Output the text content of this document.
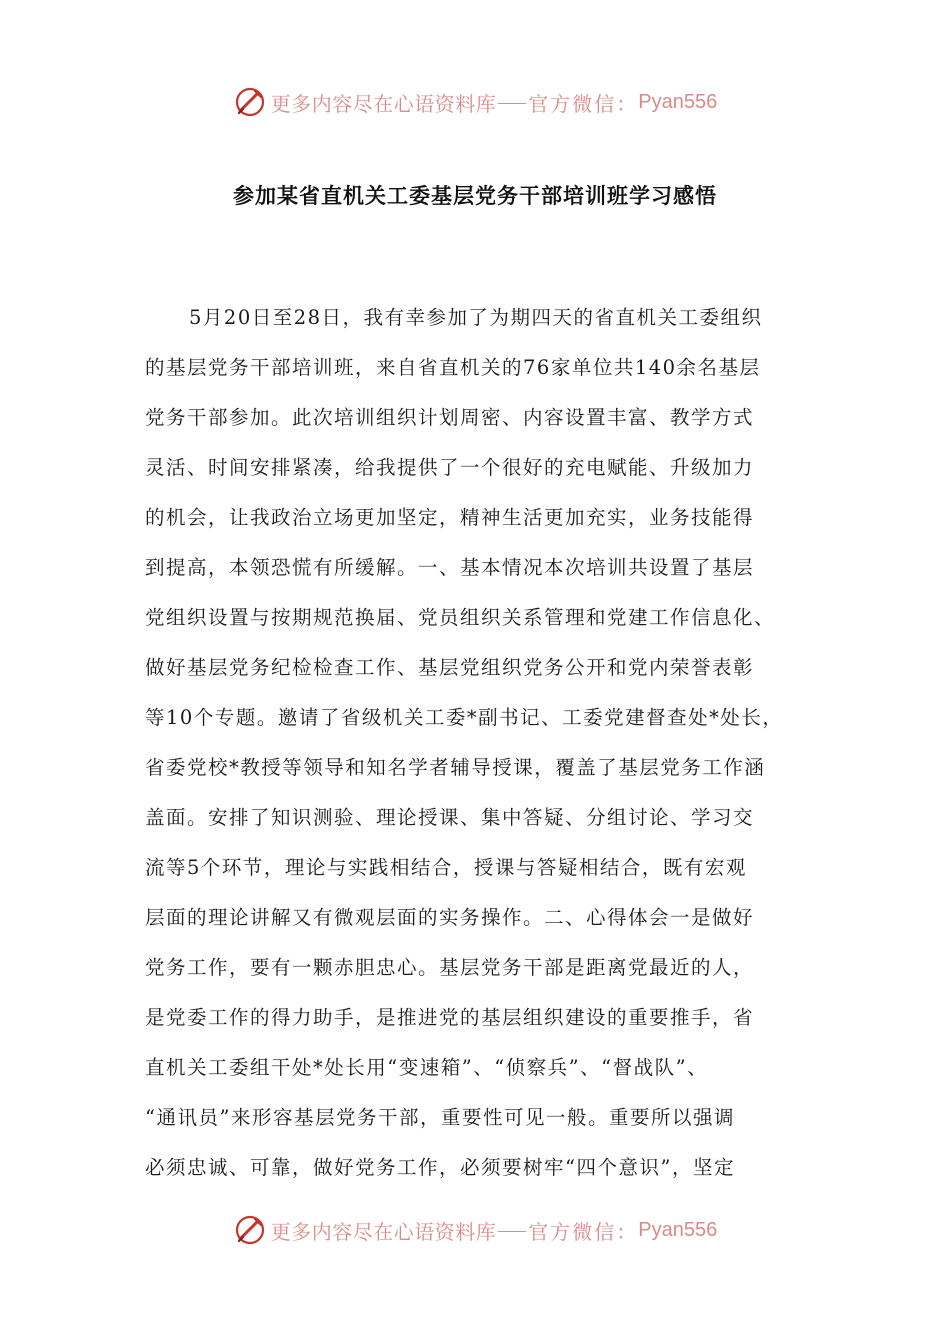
更多内容尽在心语资料库 官方微信： Pyan556
参加某省直机关工委基层党务干部培训班学习感悟
5月20日至28日，我有幸参加了为期四天的省直机关工委组织
的基层党务干部培训班，来自省直机关的76家单位共140余名基层
党务干部参加。此次培训组织计划周密、内容设置丰富、教学方式
灵活、时间安排紧凑，给我提供了一个很好的充电赋能、升级加力
的机会，让我政治立场更加坚定，精神生活更加充实，业务技能得
到提高，本领恐慌有所缓解。一、基本情况本次培训共设置了基层
党组织设置与按期规范换届、党员组织关系管理和党建工作信息化、
做好基层党务纪检检查工作、基层党组织党务公开和党内荣誉表彰
等10个专题。邀请了省级机关工委*副书记、工委党建督查处*处长，
省委党校*教授等领导和知名学者辅导授课，覆盖了基层党务工作涵
盖面。安排了知识测验、理论授课、集中答疑、分组讨论、学习交
流等5个环节，理论与实践相结合，授课与答疑相结合，既有宏观
层面的理论讲解又有微观层面的实务操作。二、心得体会一是做好
党务工作，要有一颗赤胆忠心。基层党务干部是距离党最近的人，
是党委工作的得力助手，是推进党的基层组织建设的重要推手，省
直机关工委组干处*处长用“变速箱”、“侦察兵”、“督战队”、
“通讯员”来形容基层党务干部，重要性可见一般。重要所以强调
必须忠诚、可靠，做好党务工作，必须要树牢“四个意识”，坚定
更多内容尽在心语资料库 官方微信： Pyan556
